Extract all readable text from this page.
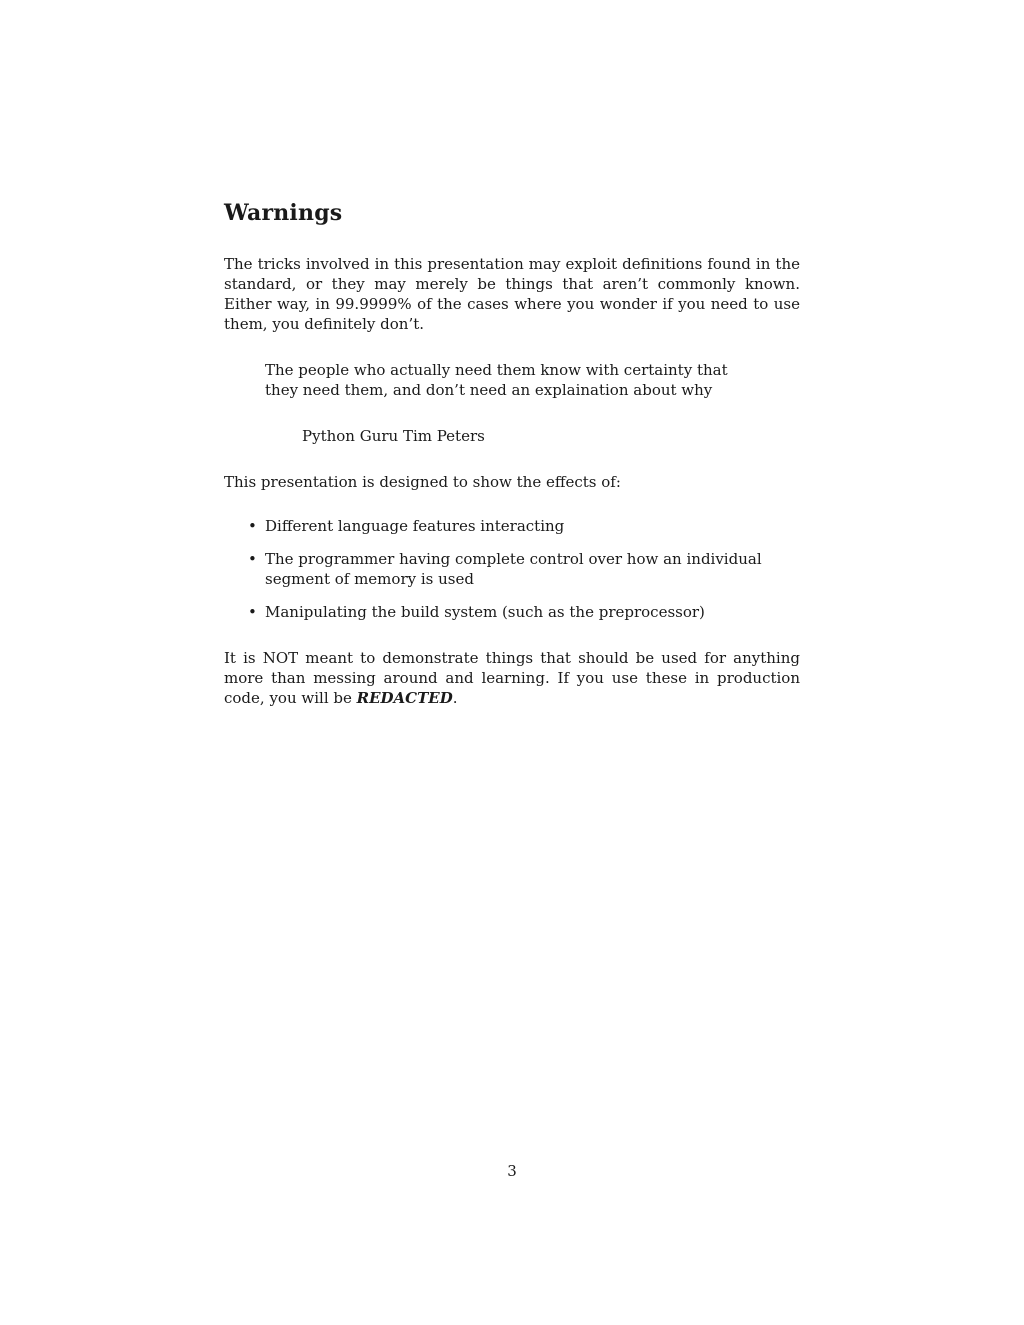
Warnings

The tricks involved in this presentation may exploit definitions found in the standard, or they may merely be things that aren’t commonly known. Either way, in 99.9999% of the cases where you wonder if you need to use them, you definitely don’t.

The people who actually need them know with certainty that they need them, and don’t need an explaination about why
Python Guru Tim Peters

This presentation is designed to show the effects of:

• Different language features interacting
• The programmer having complete control over how an individual segment of memory is used
• Manipulating the build system (such as the preprocessor)

It is NOT meant to demonstrate things that should be used for anything more than messing around and learning. If you use these in production code, you will be REDACTED.

3
